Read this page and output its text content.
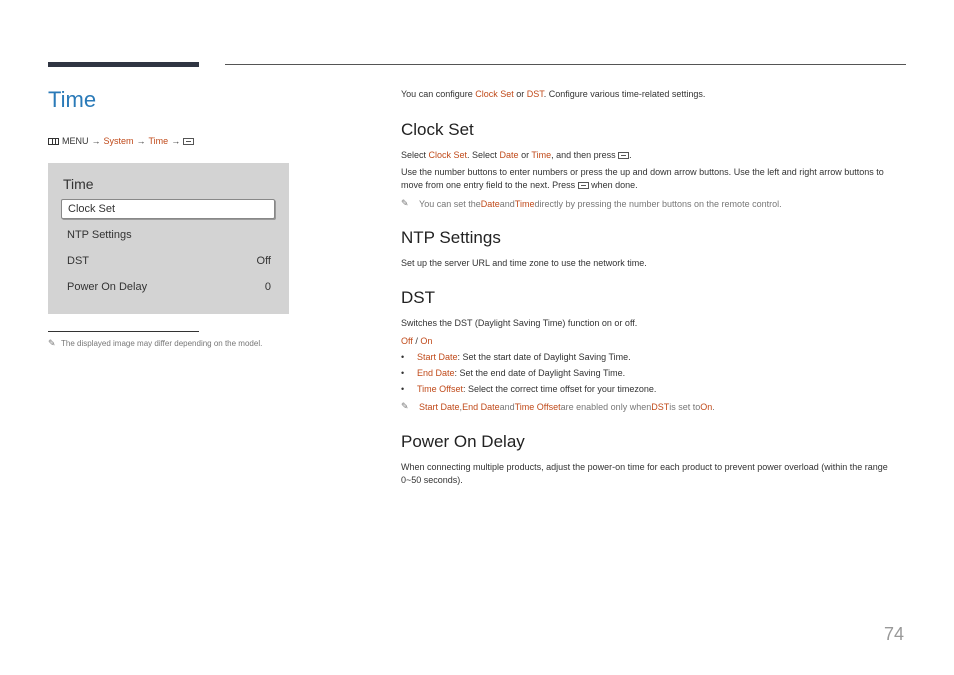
Time
MENU → System → Time →
Time
Clock Set
NTP Settings
DST	Off
Power On Delay	0
✎ The displayed image may differ depending on the model.
You can configure Clock Set or DST. Configure various time-related settings.
Clock Set
Select Clock Set. Select Date or Time, and then press .
Use the number buttons to enter numbers or press the up and down arrow buttons. Use the left and right arrow buttons to move from one entry field to the next. Press  when done.
✎
You can set the Date and Time directly by pressing the number buttons on the remote control.
NTP Settings
Set up the server URL and time zone to use the network time.
DST
Switches the DST (Daylight Saving Time) function on or off.
Off / On
• Start Date: Set the start date of Daylight Saving Time.
• End Date: Set the end date of Daylight Saving Time.
• Time Offset: Select the correct time offset for your timezone.
✎
Start Date , End Date and Time Offset are enabled only when DST is set to On .
Power On Delay
When connecting multiple products, adjust the power-on time for each product to prevent power overload (within the range 0~50 seconds).
74
